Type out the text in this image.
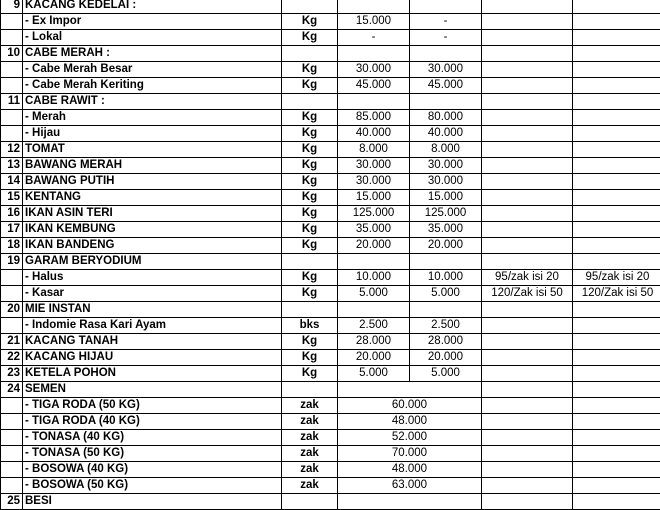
9	KACANG KEDELAI :					
	- Ex Impor	Kg	15.000	-		
	- Lokal	Kg	-	-		
10	CABE MERAH :					
	- Cabe Merah Besar	Kg	30.000	30.000		
	- Cabe Merah Keriting	Kg	45.000	45.000		
11	CABE RAWIT :					
	- Merah	Kg	85.000	80.000		
	- Hijau	Kg	40.000	40.000		
12	TOMAT	Kg	8.000	8.000		
13	BAWANG MERAH	Kg	30.000	30.000		
14	BAWANG PUTIH	Kg	30.000	30.000		
15	KENTANG	Kg	15.000	15.000		
16	IKAN ASIN TERI	Kg	125.000	125.000		
17	IKAN KEMBUNG	Kg	35.000	35.000		
18	IKAN BANDENG	Kg	20.000	20.000		
19	GARAM BERYODIUM					
	- Halus	Kg	10.000	10.000	95/zak isi 20	95/zak isi 20
	- Kasar	Kg	5.000	5.000	120/Zak isi 50	120/Zak isi 50
20	MIE INSTAN					
	- Indomie Rasa Kari Ayam	bks	2.500	2.500		
21	KACANG TANAH	Kg	28.000	28.000		
22	KACANG HIJAU	Kg	20.000	20.000		
23	KETELA POHON	Kg	5.000	5.000		
24	SEMEN					
	- TIGA RODA (50 KG)	zak	60.000			
	- TIGA RODA (40 KG)	zak	48.000			
	- TONASA (40 KG)	zak	52.000			
	- TONASA (50 KG)	zak	70.000			
	- BOSOWA (40 KG)	zak	48.000			
	- BOSOWA (50 KG)	zak	63.000			
25	BESI					
